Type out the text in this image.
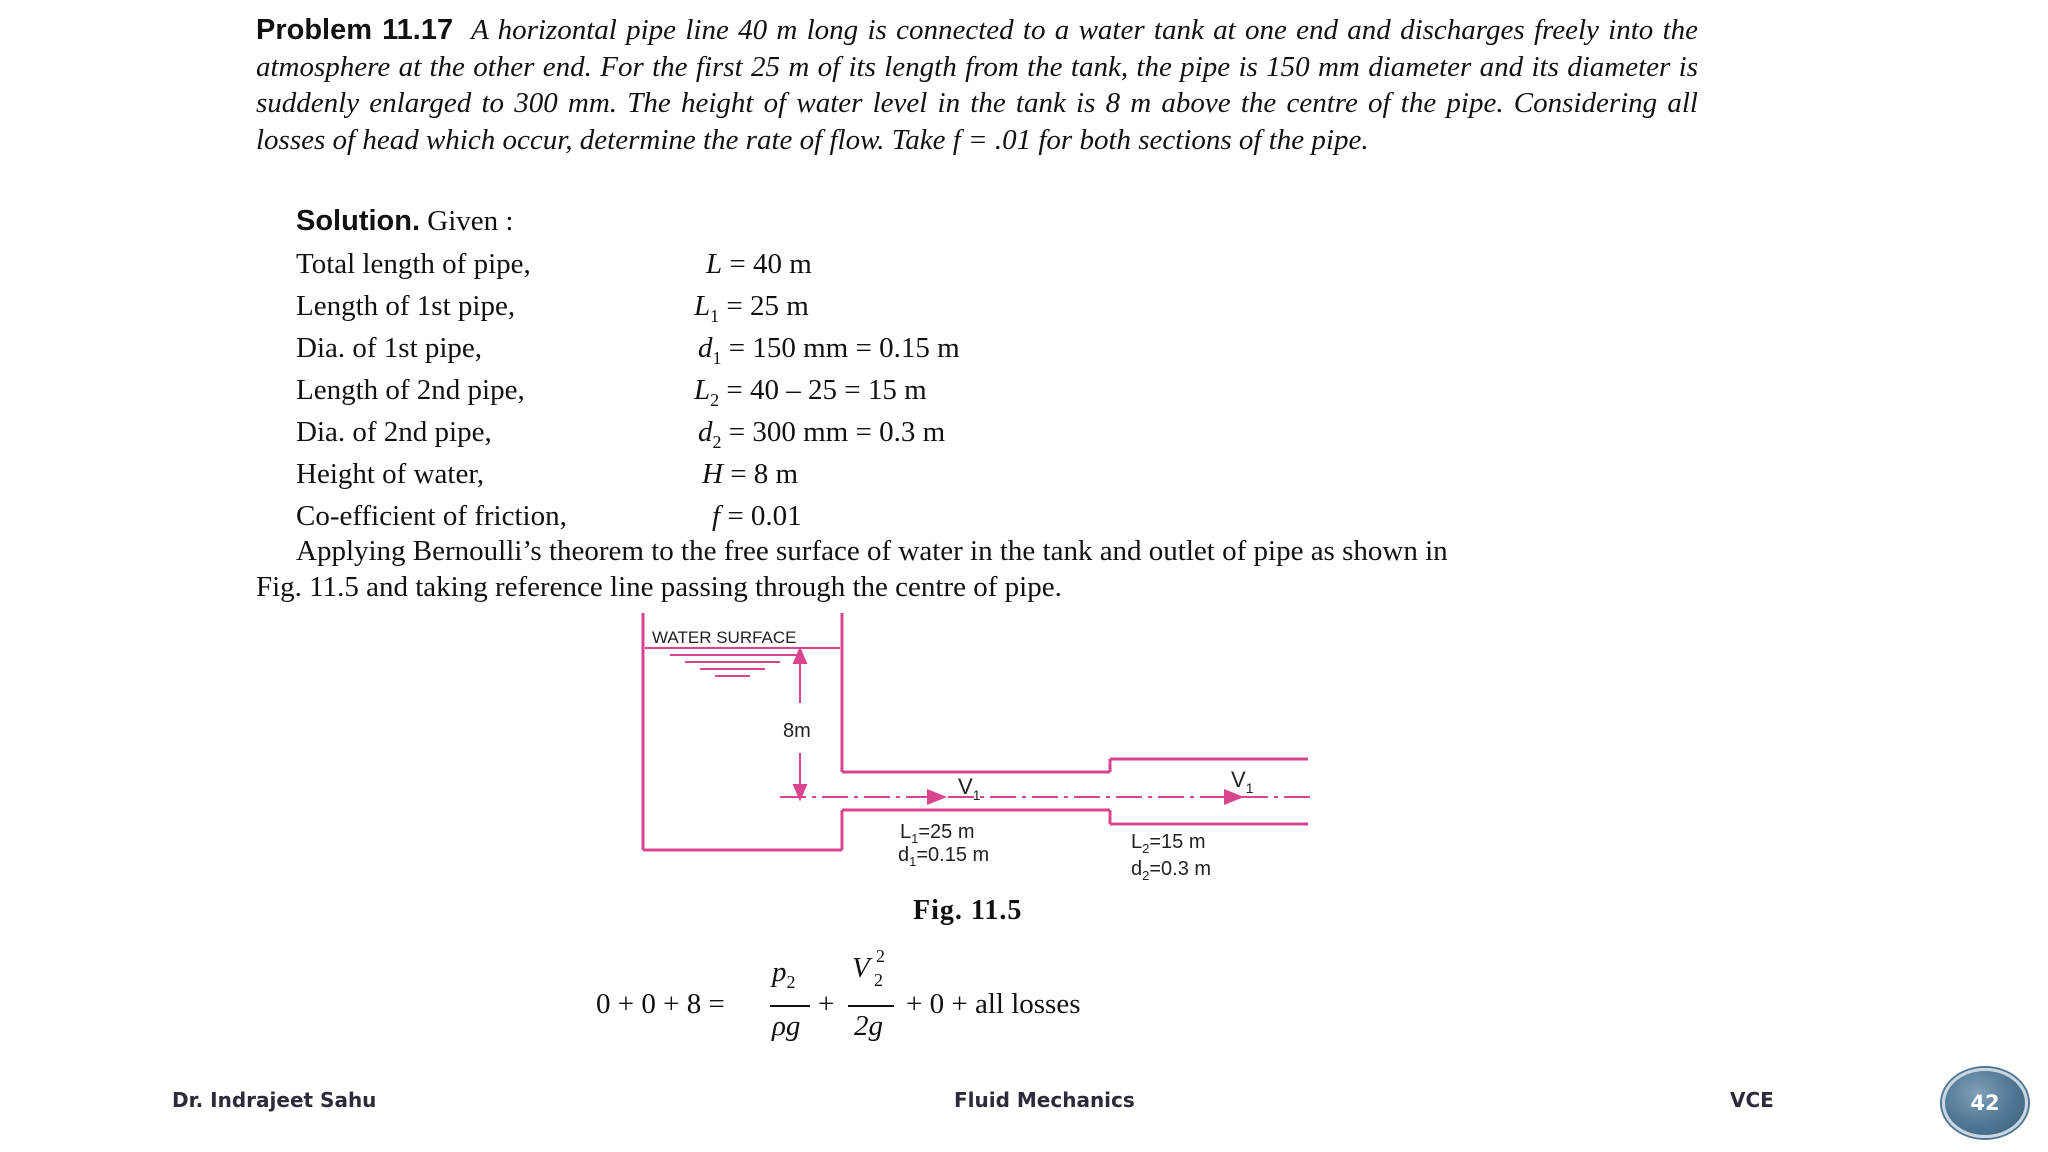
Problem 11.17 A horizontal pipe line 40 m long is connected to a water tank at one end and discharges freely into the atmosphere at the other end. For the first 25 m of its length from the tank, the pipe is 150 mm diameter and its diameter is suddenly enlarged to 300 mm. The height of water level in the tank is 8 m above the centre of the pipe. Considering all losses of head which occur, determine the rate of flow. Take f = .01 for both sections of the pipe.
Solution. Given :
Total length of pipe,	L = 40 m
Length of 1st pipe,	$L_1 = 25$ m
Dia. of 1st pipe,	$d_1 = 150$ mm = 0.15 m
Length of 2nd pipe,	$L_2 = 40 - 25 = 15$ m
Dia. of 2nd pipe,	$d_2 = 300$ mm = 0.3 m
Height of water,	H = 8 m
Co-efficient of friction,	f = 0.01
Applying Bernoulli’s theorem to the free surface of water in the tank and outlet of pipe as shown in
Fig. 11.5 and taking reference line passing through the centre of pipe.
WATER SURFACE
8m
$V_1$
$V_1$
$L_1=25$ m
$d_1=0.15$ m
$L_2=15$ m
$d_2=0.3$ m
Fig. 11.5
0 + 0 + 8 =
$p_2$
ρg
+
V 2
2
2g
+ 0 + all losses
Dr. Indrajeet Sahu	Fluid Mechanics	VCE	42
